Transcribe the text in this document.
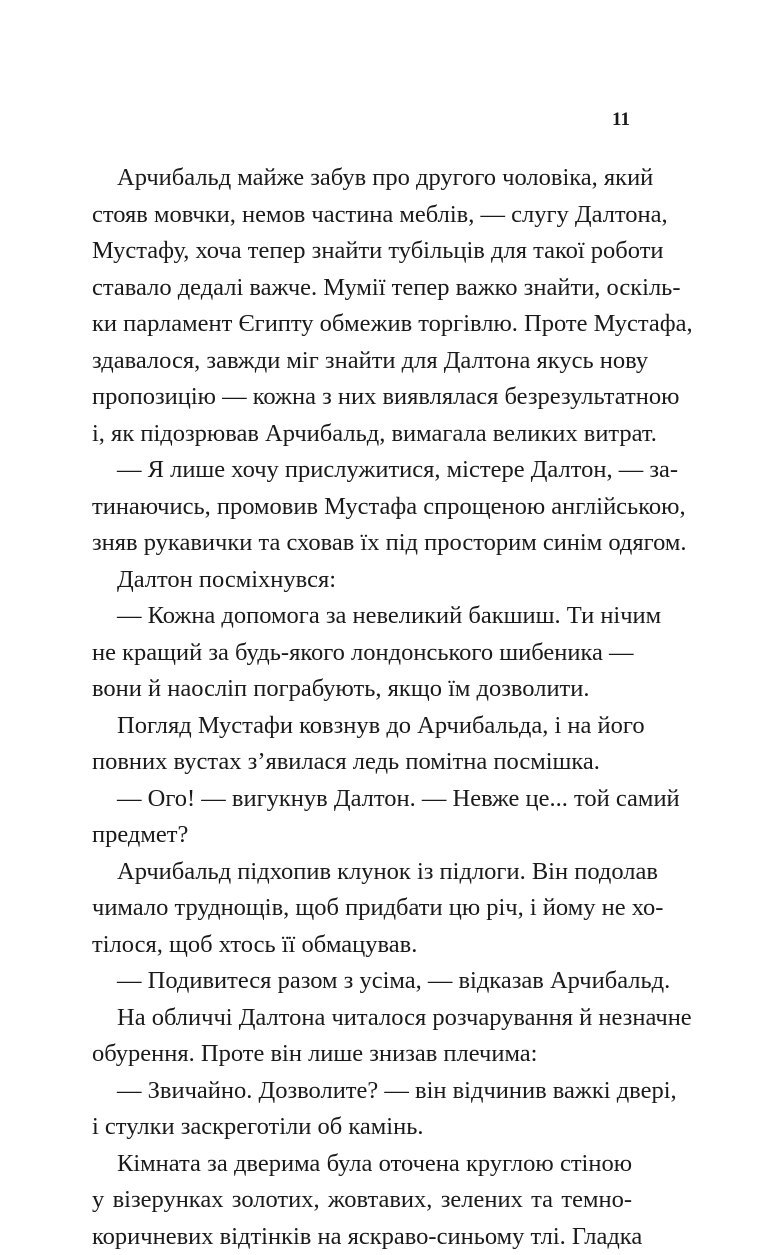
11
Арчибальд майже забув про другого чоловіка, який
стояв мовчки, немов частина меблів, — слугу Далтона,
Мустафу, хоча тепер знайти тубільців для такої роботи
ставало дедалі важче. Мумії тепер важко знайти, оскіль-
ки парламент Єгипту обмежив торгівлю. Проте Мустафа,
здавалося, завжди міг знайти для Далтона якусь нову
пропозицію — кожна з них виявлялася безрезультатною
і, як підозрював Арчибальд, вимагала великих витрат.
— Я лише хочу прислужитися, містере Далтон, — за-
тинаючись, промовив Мустафа спрощеною англійською,
зняв рукавички та сховав їх під просторим синім одягом.
Далтон посміхнувся:
— Кожна допомога за невеликий бакшиш. Ти нічим
не кращий за будь-якого лондонського шибеника —
вони й наосліп пограбують, якщо їм дозволити.
Погляд Мустафи ковзнув до Арчибальда, і на його
повних вустах з’явилася ледь помітна посмішка.
— Ого! — вигукнув Далтон. — Невже це... той самий
предмет?
Арчибальд підхопив клунок із підлоги. Він подолав
чимало труднощів, щоб придбати цю річ, і йому не хо-
тілося, щоб хтось її обмацував.
— Подивитеся разом з усіма, — відказав Арчибальд.
На обличчі Далтона читалося розчарування й незначне
обурення. Проте він лише знизав плечима:
— Звичайно. Дозволите? — він відчинив важкі двері,
і стулки заскреготіли об камінь.
Кімната за дверима була оточена круглою стіною
у візерунках золотих, жовтавих, зелених та темно-
коричневих відтінків на яскраво-синьому тлі. Гладка
